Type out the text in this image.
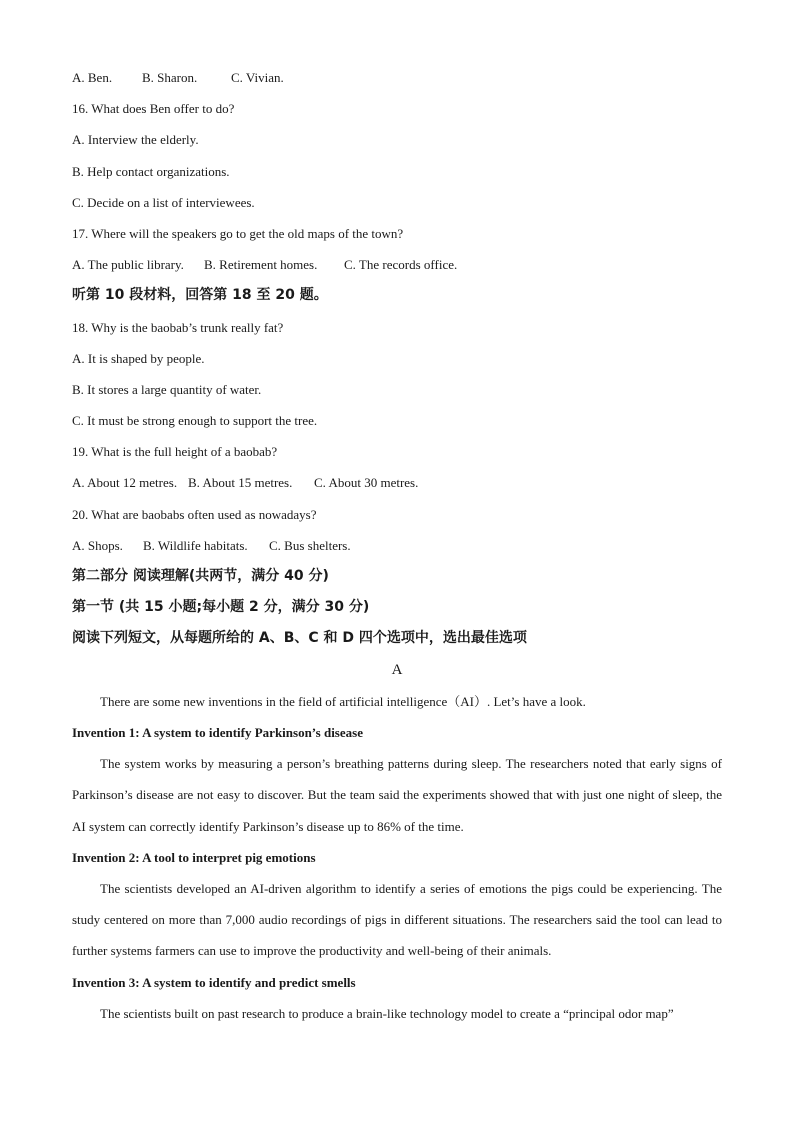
A. Ben. B. Sharon.	C. Vivian.
16. What does Ben offer to do?
A. Interview the elderly.
B. Help contact organizations.
C. Decide on a list of interviewees.
17. Where will the speakers go to get the old maps of the town?
A. The public library. B. Retirement homes. C. The records office.
听第 10 段材料，回答第 18 至 20 题。
18. Why is the baobab’s trunk really fat?
A. It is shaped by people.
B. It stores a large quantity of water.
C. It must be strong enough to support the tree.
19. What is the full height of a baobab?
A. About 12 metres. B. About 15 metres. C. About 30 metres.
20. What are baobabs often used as nowadays?
A. Shops. B. Wildlife habitats. C. Bus shelters.
第二部分 阅读理解(共两节，满分 40 分)
第一节 (共 15 小题;每小题 2 分，满分 30 分)
阅读下列短文，从每题所给的 A、B、C 和 D 四个选项中，选出最佳选项
A
There are some new inventions in the field of artificial intelligence（AI）. Let’s have a look.
Invention 1: A system to identify Parkinson’s disease
The system works by measuring a person’s breathing patterns during sleep. The researchers noted that early signs of Parkinson’s disease are not easy to discover. But the team said the experiments showed that with just one night of sleep, the AI system can correctly identify Parkinson’s disease up to 86% of the time.
Invention 2: A tool to interpret pig emotions
The scientists developed an AI-driven algorithm to identify a series of emotions the pigs could be experiencing. The study centered on more than 7,000 audio recordings of pigs in different situations. The researchers said the tool can lead to further systems farmers can use to improve the productivity and well-being of their animals.
Invention 3: A system to identify and predict smells
The scientists built on past research to produce a brain-like technology model to create a “principal odor map”
